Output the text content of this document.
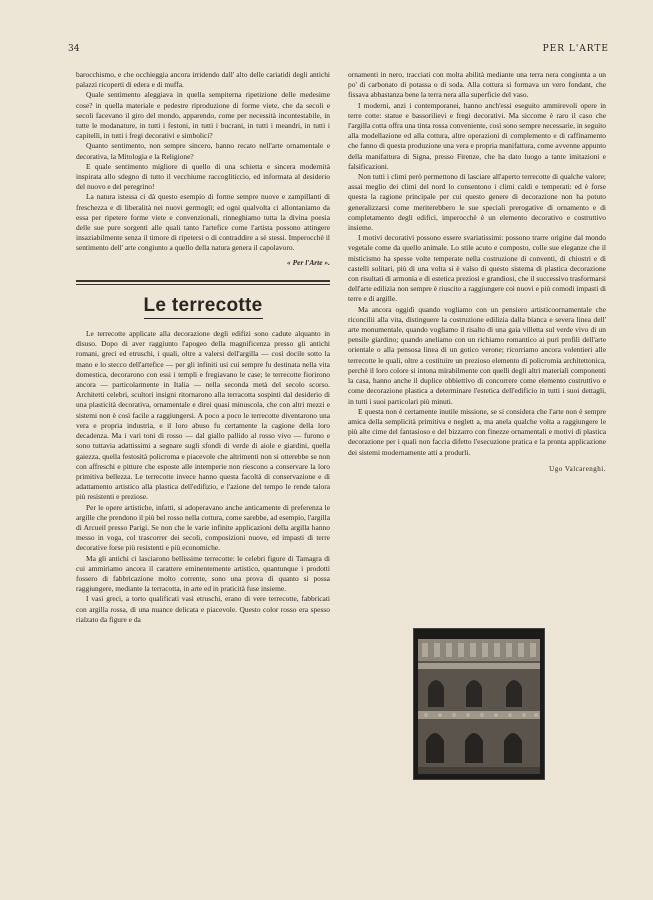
34	PER L'ARTE

barocchismo, e che occhieggia ancora irridendo dall' alto delle cariatidi degli antichi palazzi ricoperti di edera e di muffa.

Quale sentimento aleggiava in quella sempiterna ripetizione delle medesime cose? in quella materiale e pedestre riproduzione di forme viete, che da secoli e secoli facevano il giro del mondo, apparendo, come per necessità incontestabile, in tutte le modanature, in tutti i festoni, in tutti i bucrani, in tutti i meandri, in tutti i capitelli, in tutti i fregi decorativi e simbolici?

Quanto sentimento, non sempre sincero, hanno recato nell'arte ornamentale e decorativa, la Mitologia e la Religione?

E quale sentimento migliore di quello di una schietta e sincera modernità inspirata allo sdegno di tutto il vecchiume raccogliticcio, ed informata al desiderio del nuovo e del peregrino!

La natura istessa ci dà questo esempio di forme sempre nuove e zampillanti di freschezza e di liberalità nei nuovi germogli; ed ogni qualvolta ci allontaniamo da essa per ripetere forme viete e convenzionali, rinneghiamo tutta la divina poesia delle sue pure sorgenti alle quali tanto l'artefice come l'artista possono attingere insaziabilmente senza il timore di ripetersi o di contraddire a sè stessi. Imperocchè il sentimento dell' arte congiunto a quello della natura genera il capolavoro.

« Per l'Arte ».

Le terrecotte

Le terrecotte applicate alla decorazione degli edifizi sono cadute alquanto in disuso. Dopo di aver raggiunto l'apogeo della magnificenza presso gli antichi romani, greci ed etruschi, i quali, oltre a valersi dell'argilla — così docile sotto la mano e lo stecco dell'artefice — per gli infiniti usi cui sempre fu destinata nella vita domestica, decorarono con essi i templi e fregiavano le case; le terrecotte fiorirono ancora — particolarmente in Italia — nella seconda metà del secolo scorso. Architetti celebri, scultori insigni ritornarono alla terracotta sospinti dal desiderio di una plasticità decorativa, ornamentale e direi quasi minuscola, che con altri mezzi e sistemi non è così facile a raggiungersi. A poco a poco le terrecotte diventarono una vera e propria industria, e il loro abuso fu certamente la cagione della loro decadenza. Ma i vari toni di rosso — dal giallo pallido al rosso vivo — furono e sono tuttavia adattissimi a segnare sugli sfondi di verde di aiole e giardini, quella gaiezza, quella festosità policroma e piacevole che altrimenti non si otterebbe se non con affreschi e pitture che esposte alle intemperie non riescono a conservare la loro primitiva bellezza. Le terrecotte invece hanno questa facoltà di conservazione e di adattamento artistico alla plastica dell'edifizio, e l'azione del tempo le rende talora più resistenti e preziose.

Per le opere artistiche, infatti, si adoperavano anche anticamente di preferenza le argille che prendono il più bel rosso nella cottura, come sarebbe, ad esempio, l'argilla di Arcueil presso Parigi. Se non che le varie infinite applicazioni della argilla hanno messo in voga, col trascorrer dei secoli, composizioni nuove, ed impasti di terre decorative forse più resistenti e più economiche.

Ma gli antichi ci lasciarono bellissime terrecotte: le celebri figure di Tamagra di cui ammiriamo ancora il carattere eminentemente artistico, quantunque i prodotti fossero di fabbricazione molto corrente, sono una prova di quanto si possa raggiungere, mediante la terracotta, in arte ed in praticità fuse insieme.

I vasi greci, a torto qualificati vasi etruschi, erano di vere terrecotte, fabbricati con argilla rossa, di una nuance delicata e piacevole. Questo color rosso era spesso rialzato da figure e da

ornamenti in nero, tracciati con molta abilità mediante una terra nera congiunta a un po' di carbonato di potassa o di soda. Alla cottura si formava un vero fondant, che fissava abbastanza bene la terra nera alla superficie del vaso.

I moderni, anzi i contemporanei, hanno anch'essi eseguito ammirevoli opere in terre cotte: statue e bassorilievi e fregi decorativi. Ma siccome è raro il caso che l'argilla cotta offra una tinta rossa conveniente, così sono sempre necessarie, in seguito alla modellazione ed alla cottura, altre operazioni di complemento e di raffinamento che fanno di questa produzione una vera e propria manifattura, come avvenne appunto della manifattura di Signa, presso Firenze, che ha dato luogo a tante imitazioni e falsificazioni.

Non tutti i climi però permettono di lasciare all'aperto terrecotte di qualche valore; assai meglio dei climi del nord lo consentono i climi caldi e temperati: ed è forse questa la ragione principale per cui questo genere di decorazione non ha potuto generalizzarsi come meriterebbero le sue speciali prerogative di ornamento e di completamento degli edifici, imperocchè è un elemento decorativo e costruttivo insieme.

I motivi decorativi possono essere svariatissimi: possono trarre origine dal mondo vegetale come da quello animale. Lo stile acuto e composto, colle sue eleganze che il misticismo ha spesse volte temperate nella costruzione di conventi, di chiostri e di castelli solitari, più di una volta si è valso di questo sistema di plastica decorazione con risultati di armonia e di estetica preziosi e grandiosi, che il successivo trasformarsi dell'arte edilizia non sempre è riuscito a raggiungere coi nuovi e più comodi impasti di terre e di argille.

Ma ancora oggidì quando vogliamo con un pensiero artisticoornamentale che riconcilii alla vita, distinguere la costruzione edilizia dalla bianca e severa linea dell' arte monumentale, quando vogliamo il risalto di una gaia villetta sul verde vivo di un pensile giardino; quando aneliamo con un richiamo romantico ai puri profili dell'arte orientale o alla pensosa linea di un gotico verone; ricorriamo ancora volentieri alle terrecotte le quali, oltre a costituire un prezioso elemento di policromia architettonica, perchè il loro colore si intona mirabilmente con quelli degli altri materiali componenti la casa, hanno anche il duplice obbiettivo di concorrere come elemento costruttivo e come decorazione plastica a determinare l'estetica dell'edificio in tutti i suoi dettagli, in tutti i suoi particolari più minuti.

E questa non è certamente inutile missione, se si considera che l'arte non è sempre amica della semplicità primitiva e neglett a, ma anela qualche volta a raggiungere le più alte cime del fantasioso e del bizzarro con finezze ornamentali e motivi di plastica decorazione per i quali non faccia difetto l'esecuzione pratica e la pronta applicazione dei sistemi modernamente atti a produrli.

Ugo Valcarenghi.
